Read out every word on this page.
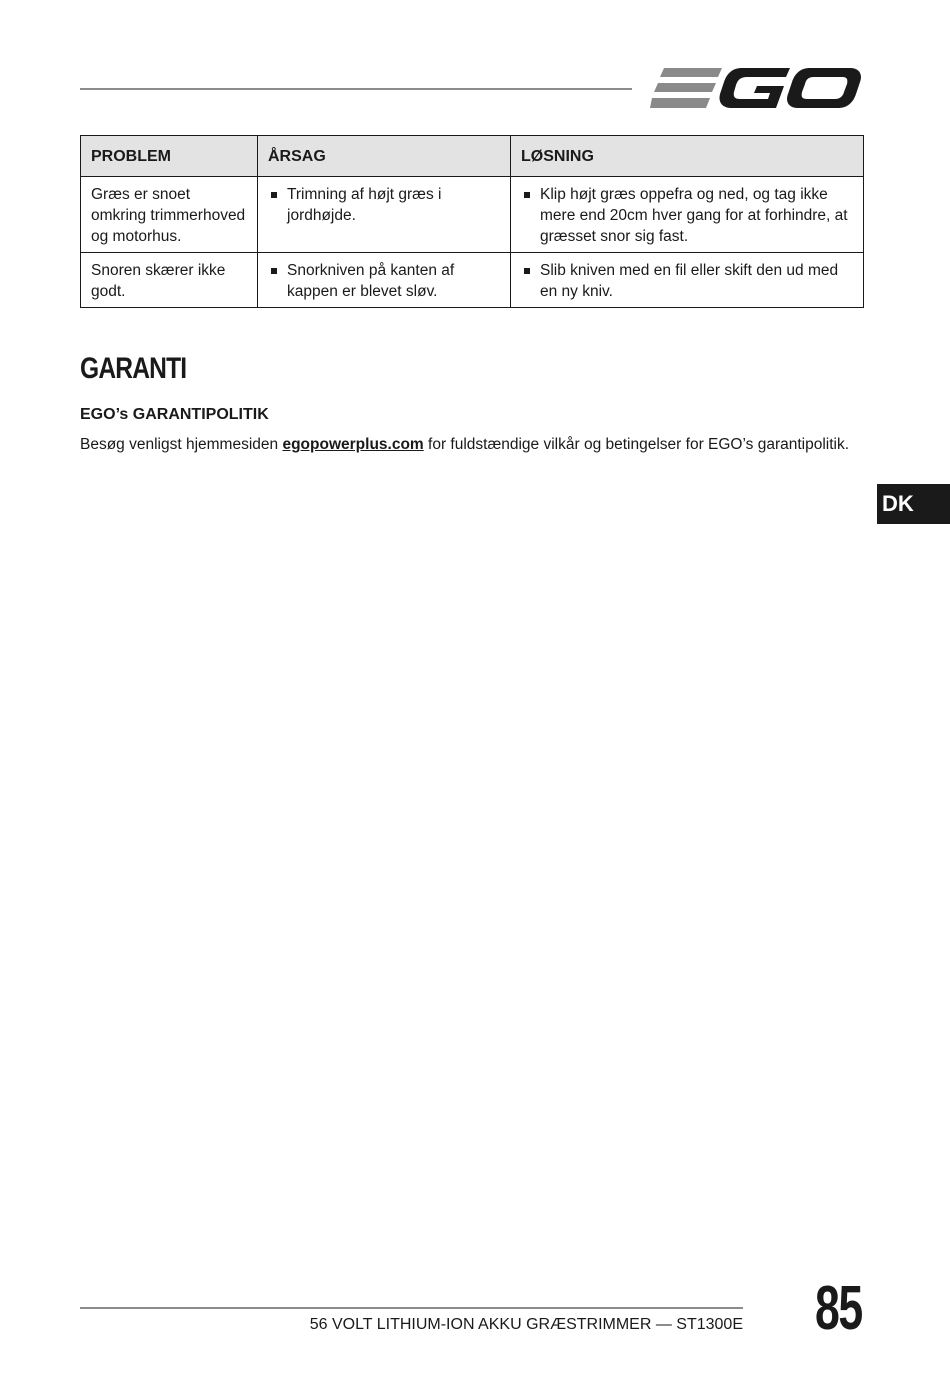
PROBLEM	ÅRSAG	LØSNING
Græs er snoet omkring trimmerhoved og motorhus.	Trimning af højt græs i jordhøjde.	Klip højt græs oppefra og ned, og tag ikke mere end 20cm hver gang for at forhindre, at græsset snor sig fast.

Snoren skærer ikke godt.	Snorkniven på kanten af kappen er blevet sløv.	Slib kniven med en fil eller skift den ud med en ny kniv.
GARANTI
EGO’s GARANTIPOLITIK
Besøg venligst hjemmesiden egopowerplus.com for fuldstændige vilkår og betingelser for EGO’s garantipolitik.
DK
56 VOLT LITHIUM-ION AKKU GRÆSTRIMMER — ST1300E 85
